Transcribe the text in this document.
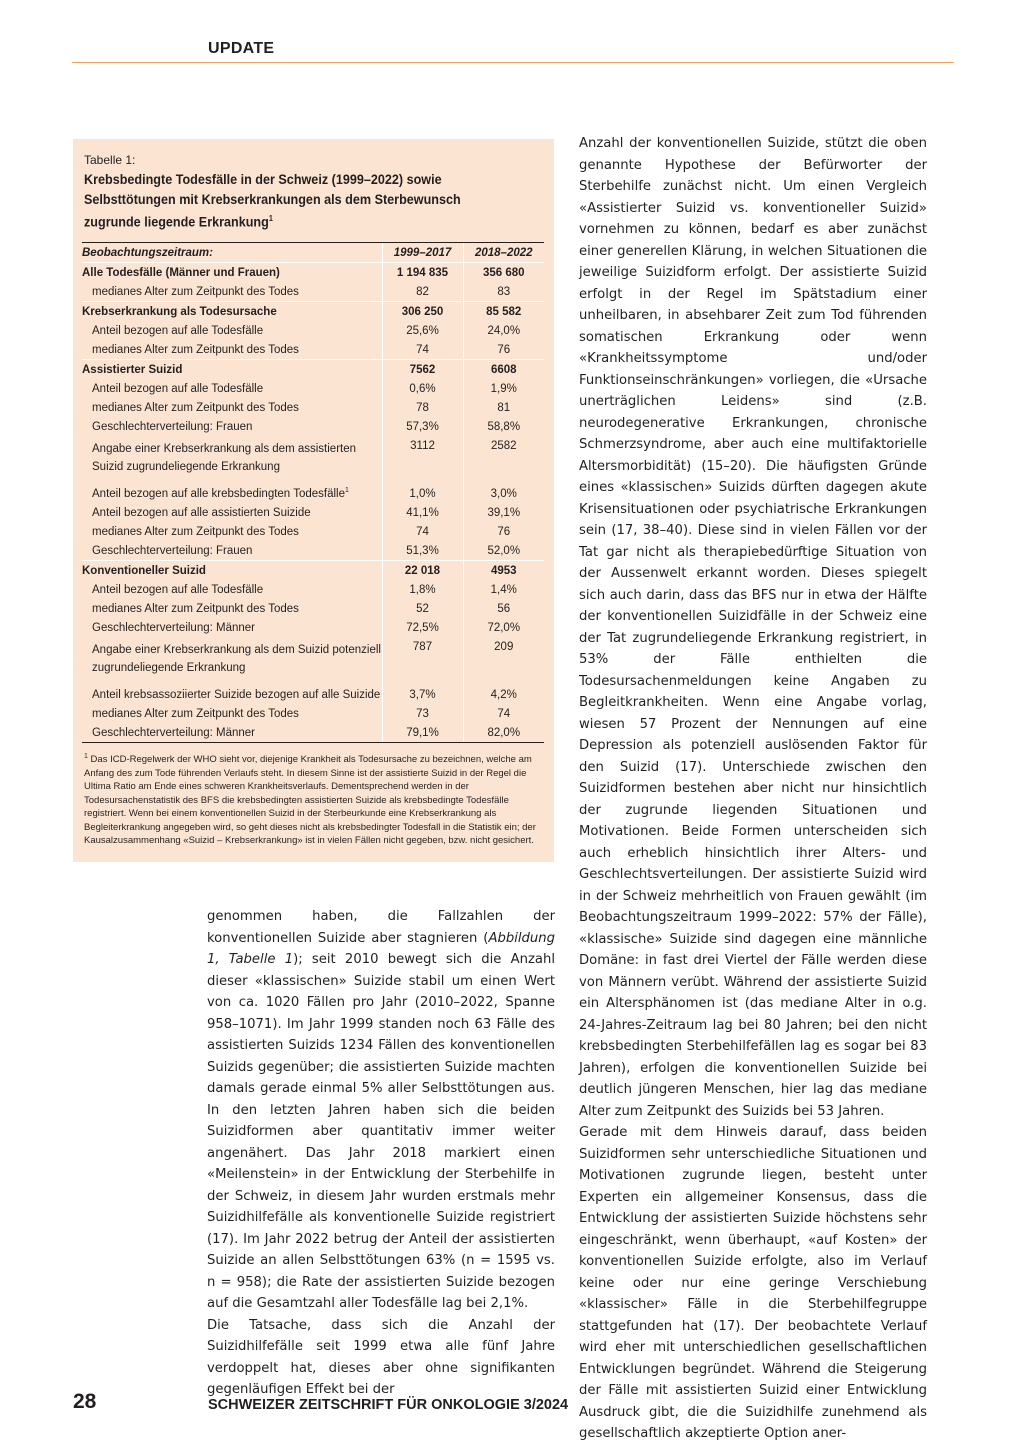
UPDATE
Tabelle 1:
Krebsbedingte Todesfälle in der Schweiz (1999–2022) sowie Selbsttötungen mit Krebserkrankungen als dem Sterbewunsch zugrunde liegende Erkrankung$^1$
Beobachtungszeitraum:	1999–2017	2018–2022
Alle Todesfälle (Männer und Frauen)	1 194 835	356 680
medianes Alter zum Zeitpunkt des Todes	82	83
Krebserkrankung als Todesursache	306 250	85 582
Anteil bezogen auf alle Todesfälle	25,6%	24,0%
medianes Alter zum Zeitpunkt des Todes	74	76
Assistierter Suizid	7562	6608
Anteil bezogen auf alle Todesfälle	0,6%	1,9%
medianes Alter zum Zeitpunkt des Todes	78	81
Geschlechterverteilung: Frauen	57,3%	58,8%
Angabe einer Krebserkrankung als dem assistierten Suizid zugrundeliegende Erkrankung	3112	2582
Anteil bezogen auf alle krebsbedingten Todesfälle$^1$	1,0%	3,0%
Anteil bezogen auf alle assistierten Suizide	41,1%	39,1%
medianes Alter zum Zeitpunkt des Todes	74	76
Geschlechterverteilung: Frauen	51,3%	52,0%
Konventioneller Suizid	22 018	4953
Anteil bezogen auf alle Todesfälle	1,8%	1,4%
medianes Alter zum Zeitpunkt des Todes	52	56
Geschlechterverteilung: Männer	72,5%	72,0%
Angabe einer Krebserkrankung als dem Suizid potenziell zugrundeliegende Erkrankung	787	209
Anteil krebsassoziierter Suizide bezogen auf alle Suizide	3,7%	4,2%
medianes Alter zum Zeitpunkt des Todes	73	74
Geschlechterverteilung: Männer	79,1%	82,0%
$^1$ Das ICD-Regelwerk der WHO sieht vor, diejenige Krankheit als Todesursache zu bezeichnen, welche am Anfang des zum Tode führenden Verlaufs steht. In diesem Sinne ist der assistierte Suizid in der Regel die Ultima Ratio am Ende eines schweren Krankheitsverlaufs. Dementsprechend werden in der Todesursachenstatistik des BFS die krebsbedingten assistierten Suizide als krebsbedingte Todesfälle registriert. Wenn bei einem konventionellen Suizid in der Sterbeurkunde eine Krebserkrankung als Begleiterkrankung angegeben wird, so geht dieses nicht als krebsbedingter Todesfall in die Statistik ein; der Kausalzusammenhang «Suizid – Krebserkrankung» ist in vielen Fällen nicht gegeben, bzw. nicht gesichert.

genommen haben, die Fallzahlen der konventionellen Suizide aber stagnieren (Abbildung 1, Tabelle 1); seit 2010 bewegt sich die Anzahl dieser «klassischen» Suizide stabil um einen Wert von ca. 1020 Fällen pro Jahr (2010–2022, Spanne 958–1071). Im Jahr 1999 standen noch 63 Fälle des assistierten Suizids 1234 Fällen des konventionellen Suizids gegenüber; die assistierten Suizide machten damals gerade einmal 5% aller Selbsttötungen aus. In den letzten Jahren haben sich die beiden Suizidformen aber quantitativ immer weiter angenähert. Das Jahr 2018 markiert einen «Meilenstein» in der Entwicklung der Sterbehilfe in der Schweiz, in diesem Jahr wurden erstmals mehr Suizidhilfefälle als konventionelle Suizide registriert (17). Im Jahr 2022 betrug der Anteil der assistierten Suizide an allen Selbsttötungen 63% (n = 1595 vs. n = 958); die Rate der assistierten Suizide bezogen auf die Gesamtzahl aller Todesfälle lag bei 2,1%.

Die Tatsache, dass sich die Anzahl der Suizidhilfefälle seit 1999 etwa alle fünf Jahre verdoppelt hat, dieses aber ohne signifikanten gegenläufigen Effekt bei der

Anzahl der konventionellen Suizide, stützt die oben genannte Hypothese der Befürworter der Sterbehilfe zunächst nicht. Um einen Vergleich «Assistierter Suizid vs. konventioneller Suizid» vornehmen zu können, bedarf es aber zunächst einer generellen Klärung, in welchen Situationen die jeweilige Suizidform erfolgt. Der assistierte Suizid erfolgt in der Regel im Spätstadium einer unheilbaren, in absehbarer Zeit zum Tod führenden somatischen Erkrankung oder wenn «Krankheitssymptome und/oder Funktionseinschränkungen» vorliegen, die «Ursache unerträglichen Leidens» sind (z.B. neurodegenerative Erkrankungen, chronische Schmerzsyndrome, aber auch eine multifaktorielle Altersmorbidität) (15–20). Die häufigsten Gründe eines «klassischen» Suizids dürften dagegen akute Krisensituationen oder psychiatrische Erkrankungen sein (17, 38–40). Diese sind in vielen Fällen vor der Tat gar nicht als therapiebedürftige Situation von der Aussenwelt erkannt worden. Dieses spiegelt sich auch darin, dass das BFS nur in etwa der Hälfte der konventionellen Suizidfälle in der Schweiz eine der Tat zugrundeliegende Erkrankung registriert, in 53% der Fälle enthielten die Todesursachenmeldungen keine Angaben zu Begleitkrankheiten. Wenn eine Angabe vorlag, wiesen 57 Prozent der Nennungen auf eine Depression als potenziell auslösenden Faktor für den Suizid (17). Unterschiede zwischen den Suizidformen bestehen aber nicht nur hinsichtlich der zugrunde liegenden Situationen und Motivationen. Beide Formen unterscheiden sich auch erheblich hinsichtlich ihrer Alters- und Geschlechtsverteilungen. Der assistierte Suizid wird in der Schweiz mehrheitlich von Frauen gewählt (im Beobachtungszeitraum 1999–2022: 57% der Fälle), «klassische» Suizide sind dagegen eine männliche Domäne: in fast drei Viertel der Fälle werden diese von Männern verübt. Während der assistierte Suizid ein Altersphänomen ist (das mediane Alter in o.g. 24-Jahres-Zeitraum lag bei 80 Jahren; bei den nicht krebsbedingten Sterbehilfefällen lag es sogar bei 83 Jahren), erfolgen die konventionellen Suizide bei deutlich jüngeren Menschen, hier lag das mediane Alter zum Zeitpunkt des Suizids bei 53 Jahren.

Gerade mit dem Hinweis darauf, dass beiden Suizidformen sehr unterschiedliche Situationen und Motivationen zugrunde liegen, besteht unter Experten ein allgemeiner Konsensus, dass die Entwicklung der assistierten Suizide höchstens sehr eingeschränkt, wenn überhaupt, «auf Kosten» der konventionellen Suizide erfolgte, also im Verlauf keine oder nur eine geringe Verschiebung «klassischer» Fälle in die Sterbehilfegruppe stattgefunden hat (17). Der beobachtete Verlauf wird eher mit unterschiedlichen gesellschaftlichen Entwicklungen begründet. Während die Steigerung der Fälle mit assistierten Suizid einer Entwicklung Ausdruck gibt, die die Suizidhilfe zunehmend als gesellschaftlich akzeptierte Option aner-

28	SCHWEIZER ZEITSCHRIFT FÜR ONKOLOGIE 3/2024
